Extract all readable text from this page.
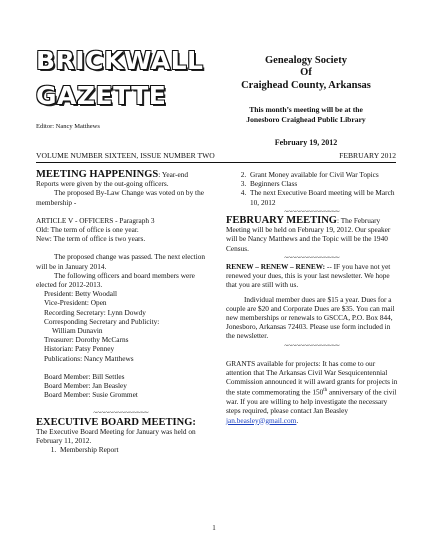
BRICKWALL
GAZETTE
Editor: Nancy Matthews
Genealogy Society
Of
Craighead County, Arkansas
This month’s meeting will be at the
Jonesboro Craighead Public Library
February 19, 2012
VOLUME NUMBER SIXTEEN, ISSUE NUMBER TWO	FEBRUARY 2012

MEETING HAPPENINGS: Year-end

Reports were given by the out-going officers.

The proposed By-Law Change was voted on by the membership -

ARTICLE V - OFFICERS - Paragraph 3

Old: The term of office is one year.

New: The term of office is two years.

The proposed change was passed. The next election will be in January 2014.

The following officers and board members were elected for 2012-2013.

President: Betty Woodall

Vice-President: Open

Recording Secretary: Lynn Dowdy

Corresponding Secretary and Publicity:

William Dunavin

Treasurer: Dorothy McCarns

Historian: Patsy Penney

Publications: Nancy Matthews

Board Member: Bill Settles

Board Member: Jan Beasley

Board Member: Susie Grommet

~~~~~~~~~~~~~~

EXECUTIVE BOARD MEETING:

The Executive Board Meeting for January was held on February 11, 2012.

1. Membership Report
2. Grant Money available for Civil War Topics
3. Beginners Class
4. The next Executive Board meeting will be March 10, 2012

~~~~~~~~~~~~~~

FEBRUARY MEETING: The February

Meeting will be held on February 19, 2012. Our speaker will be Nancy Matthews and the Topic will be the 1940 Census.

~~~~~~~~~~~~~~

RENEW – RENEW – RENEW: -- IF you have not yet renewed your dues, this is your last newsletter. We hope that you are still with us.

Individual member dues are $15 a year. Dues for a couple are $20 and Corporate Dues are $35. You can mail new memberships or renewals to GSCCA, P.O. Box 844, Jonesboro, Arkansas 72403. Please use form included in the newsletter.

~~~~~~~~~~~~~~

GRANTS available for projects: It has come to our attention that The Arkansas Civil War Sesquicentennial Commission announced it will award grants for projects in the state commemorating the 150th anniversary of the civil war. If you are willing to help investigate the necessary steps required, please contact Jan Beasley jan.beasley@gmail.com.

1
